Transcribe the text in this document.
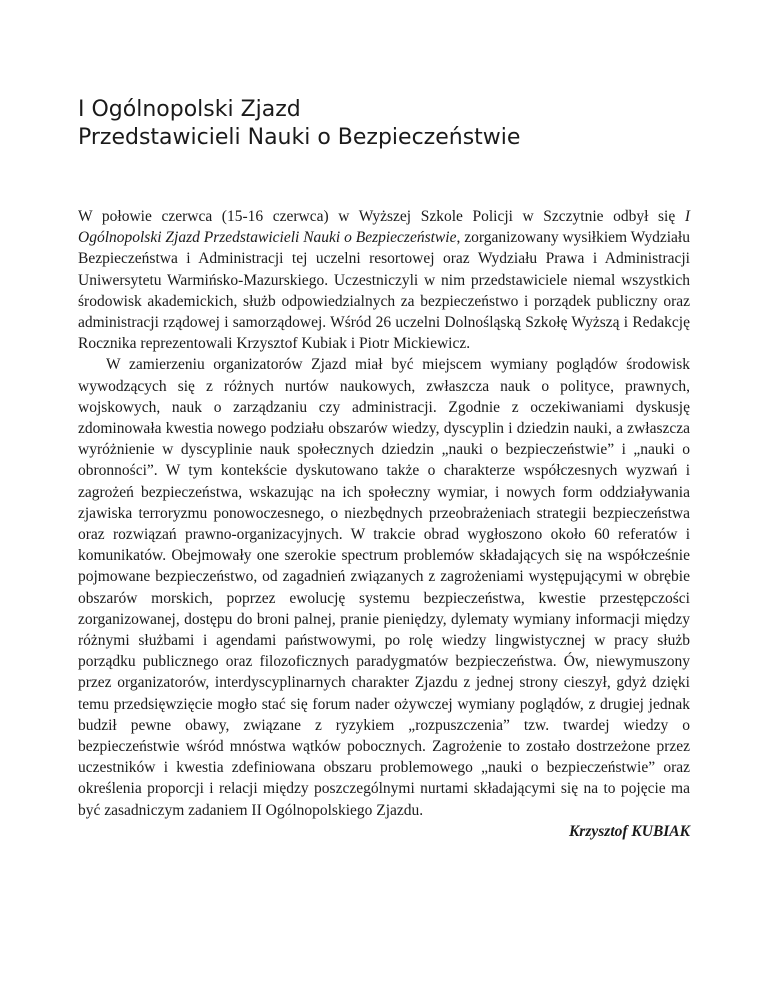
I Ogólnopolski Zjazd
Przedstawicieli Nauki o Bezpieczeństwie

W połowie czerwca (15-16 czerwca) w Wyższej Szkole Policji w Szczytnie odbył się I Ogólnopolski Zjazd Przedstawicieli Nauki o Bezpieczeństwie, zorganizowany wysiłkiem Wydziału Bezpieczeństwa i Administracji tej uczelni resortowej oraz Wydziału Prawa i Administracji Uniwersytetu Warmińsko-Mazurskiego. Uczestniczyli w nim przedstawiciele niemal wszystkich środowisk akademickich, służb odpowiedzialnych za bezpieczeństwo i porządek publiczny oraz administracji rządowej i samorządowej. Wśród 26 uczelni Dolnośląską Szkołę Wyższą i Redakcję Rocznika reprezentowali Krzysztof Kubiak i Piotr Mickiewicz.

W zamierzeniu organizatorów Zjazd miał być miejscem wymiany poglądów środowisk wywodzących się z różnych nurtów naukowych, zwłaszcza nauk o polityce, prawnych, wojskowych, nauk o zarządzaniu czy administracji. Zgodnie z oczekiwaniami dyskusję zdominowała kwestia nowego podziału obszarów wiedzy, dyscyplin i dziedzin nauki, a zwłaszcza wyróżnienie w dyscyplinie nauk społecznych dziedzin „nauki o bezpieczeństwie” i „nauki o obronności”. W tym kontekście dyskutowano także o charakterze współczesnych wyzwań i zagrożeń bezpieczeństwa, wskazując na ich społeczny wymiar, i nowych form oddziaływania zjawiska terroryzmu ponowoczesnego, o niezbędnych przeobrażeniach strategii bezpieczeństwa oraz rozwiązań prawno-organizacyjnych. W trakcie obrad wygłoszono około 60 referatów i komunikatów. Obejmowały one szerokie spectrum problemów składających się na współcześnie pojmowane bezpieczeństwo, od zagadnień związanych z zagrożeniami występującymi w obrębie obszarów morskich, poprzez ewolucję systemu bezpieczeństwa, kwestie przestępczości zorganizowanej, dostępu do broni palnej, pranie pieniędzy, dylematy wymiany informacji między różnymi służbami i agendami państwowymi, po rolę wiedzy lingwistycznej w pracy służb porządku publicznego oraz filozoficznych paradygmatów bezpieczeństwa. Ów, niewymuszony przez organizatorów, interdyscyplinarnych charakter Zjazdu z jednej strony cieszył, gdyż dzięki temu przedsięwzięcie mogło stać się forum nader ożywczej wymiany poglądów, z drugiej jednak budził pewne obawy, związane z ryzykiem „rozpuszczenia” tzw. twardej wiedzy o bezpieczeństwie wśród mnóstwa wątków pobocznych. Zagrożenie to zostało dostrzeżone przez uczestników i kwestia zdefiniowana obszaru problemowego „nauki o bezpieczeństwie” oraz określenia proporcji i relacji między poszczególnymi nurtami składającymi się na to pojęcie ma być zasadniczym zadaniem II Ogólnopolskiego Zjazdu.

Krzysztof KUBIAK
